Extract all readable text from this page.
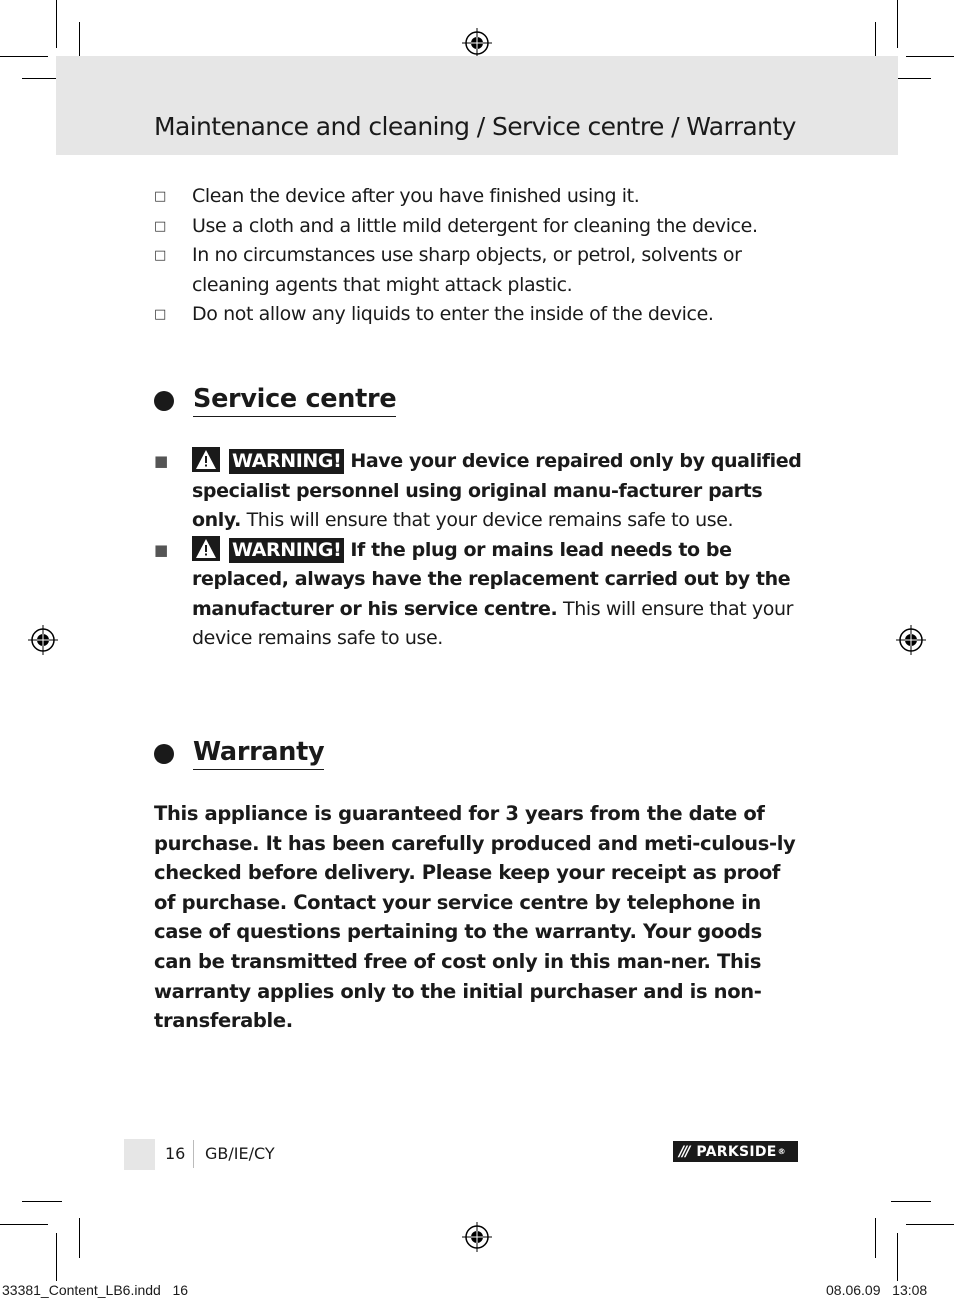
Maintenance and cleaning / Service centre / Warranty
□	Clean the device after you have finished using it.
□	Use a cloth and a little mild detergent for cleaning the device.
□	In no circumstances use sharp objects, or petrol, solvents or cleaning agents that might attack plastic.
□	Do not allow any liquids to enter the inside of the device.
Service centre
■	WARNING! Have your device repaired only by qualified specialist personnel using original manu-facturer parts only. This will ensure that your device remains safe to use.
■	WARNING! If the plug or mains lead needs to be replaced, always have the replacement carried out by the manufacturer or his service centre. This will ensure that your device remains safe to use.
Warranty
This appliance is guaranteed for 3 years from the date of purchase. It has been carefully produced and meti-culous-ly checked before delivery. Please keep your receipt as proof of purchase. Contact your service centre by telephone in case of questions pertaining to the warranty. Your goods can be transmitted free of cost only in this man-ner. This warranty applies only to the initial purchaser and is non-transferable.
16 GB/IE/CY	/// PARKSIDE ®
33381_Content_LB6.indd   16	08.06.09   13:08
